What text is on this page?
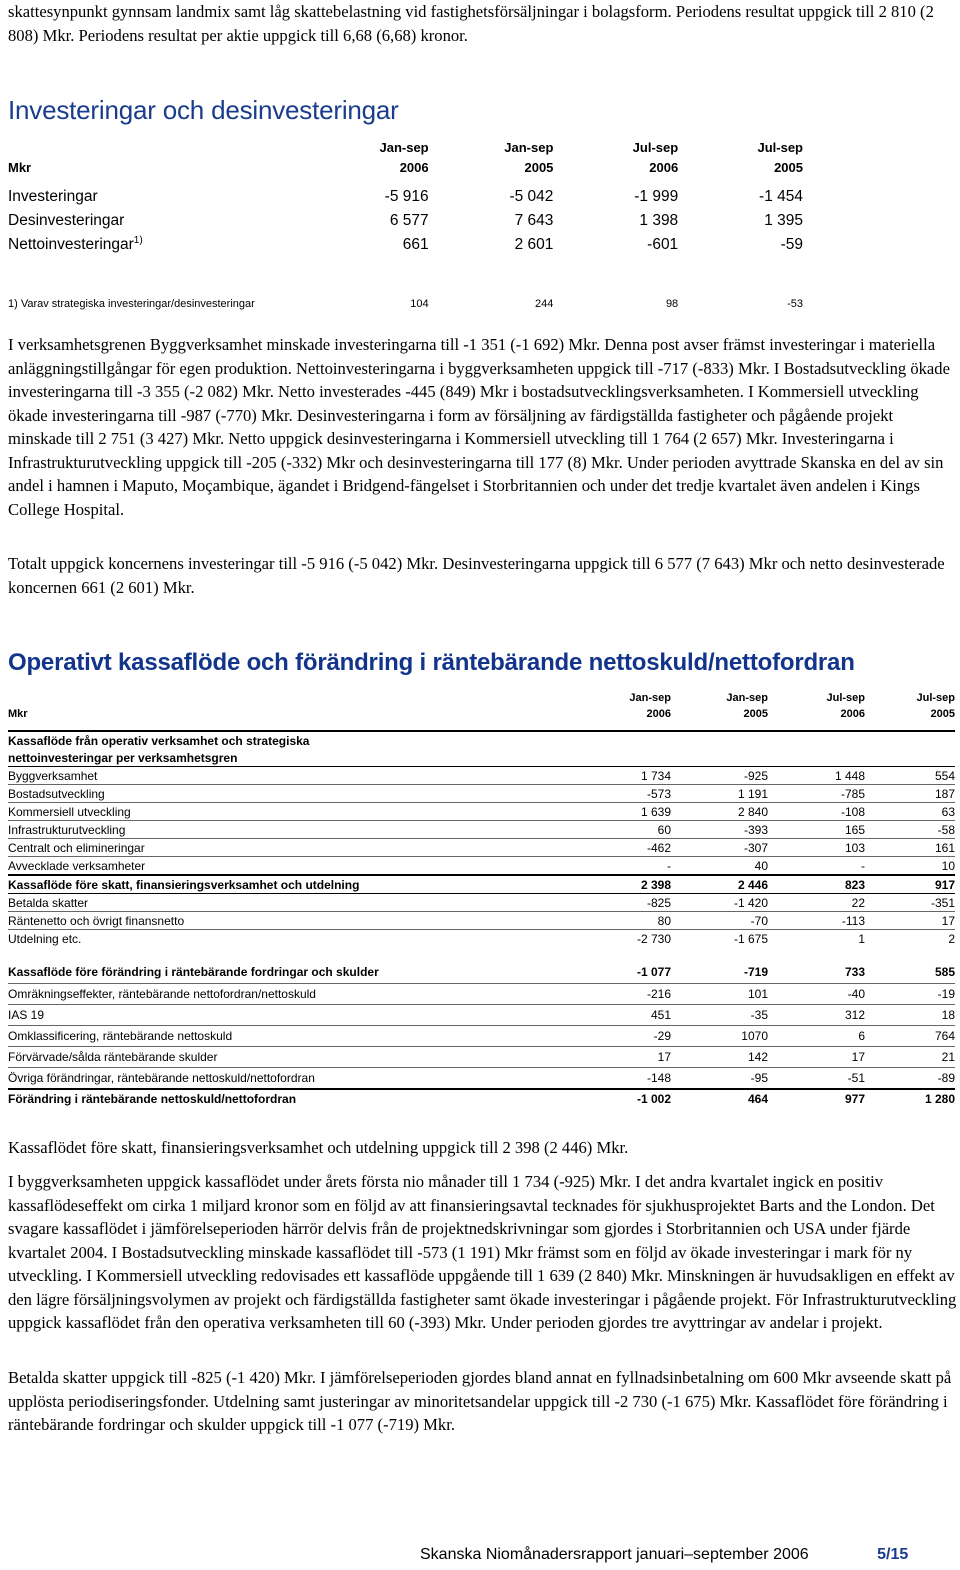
skattesynpunkt gynnsam landmix samt låg skattebelastning vid fastighetsförsäljningar i bolagsform. Periodens resultat uppgick till 2 810 (2 808) Mkr. Periodens resultat per aktie uppgick till 6,68 (6,68) kronor.

Investeringar och desinvesteringar
	Jan-sep	Jan-sep	Jul-sep	Jul-sep
Mkr	2006	2005	2006	2005

Investeringar	-5 916	-5 042	-1 999	-1 454
Desinvesteringar	6 577	7 643	1 398	1 395
Nettoinvesteringar$^{1)}$	661	2 601	-601	-59

1) Varav strategiska investeringar/desinvesteringar	104	244	98	-53

I verksamhetsgrenen Byggverksamhet minskade investeringarna till -1 351 (-1 692) Mkr. Denna post avser främst investeringar i materiella anläggningstillgångar för egen produktion. Nettoinvesteringarna i byggverksamheten uppgick till -717 (-833) Mkr. I Bostadsutveckling ökade investeringarna till -3 355 (-2 082) Mkr. Netto investerades -445 (849) Mkr i bostadsutvecklingsverksamheten. I Kommersiell utveckling ökade investeringarna till -987 (-770) Mkr. Desinvesteringarna i form av försäljning av färdigställda fastigheter och pågående projekt minskade till 2 751 (3 427) Mkr. Netto uppgick desinvesteringarna i Kommersiell utveckling till 1 764 (2 657) Mkr. Investeringarna i Infrastrukturutveckling uppgick till -205 (-332) Mkr och desinvesteringarna till 177 (8) Mkr. Under perioden avyttrade Skanska en del av sin andel i hamnen i Maputo, Moçambique, ägandet i Bridgend-fängelset i Storbritannien och under det tredje kvartalet även andelen i Kings College Hospital.

Totalt uppgick koncernens investeringar till -5 916 (-5 042) Mkr. Desinvesteringarna uppgick till 6 577 (7 643) Mkr och netto desinvesterade koncernen 661 (2 601) Mkr.

Operativt kassaflöde och förändring i räntebärande nettoskuld/nettofordran
	Jan-sep	Jan-sep	Jul-sep	Jul-sep
Mkr	2006	2005	2006	2005

Kassaflöde från operativ verksamhet och strategiska				
nettoinvesteringar per verksamhetsgren				
Byggverksamhet	1 734	-925	1 448	554
Bostadsutveckling	-573	1 191	-785	187
Kommersiell utveckling	1 639	2 840	-108	63
Infrastrukturutveckling	60	-393	165	-58
Centralt och elimineringar	-462	-307	103	161
Avvecklade verksamheter	-	40	-	10
Kassaflöde före skatt, finansieringsverksamhet och utdelning	2 398	2 446	823	917
Betalda skatter	-825	-1 420	22	-351
Räntenetto och övrigt finansnetto	80	-70	-113	17
Utdelning etc.	-2 730	-1 675	1	2

Kassaflöde före förändring i räntebärande fordringar och skulder	-1 077	-719	733	585
Omräkningseffekter, räntebärande nettofordran/nettoskuld	-216	101	-40	-19
IAS 19	451	-35	312	18
Omklassificering, räntebärande nettoskuld	-29	1070	6	764
Förvärvade/sålda räntebärande skulder	17	142	17	21
Övriga förändringar, räntebärande nettoskuld/nettofordran	-148	-95	-51	-89
Förändring i räntebärande nettoskuld/nettofordran	-1 002	464	977	1 280

Kassaflödet före skatt, finansieringsverksamhet och utdelning uppgick till 2 398 (2 446) Mkr.

I byggverksamheten uppgick kassaflödet under årets första nio månader till 1 734 (-925) Mkr. I det andra kvartalet ingick en positiv kassaflödeseffekt om cirka 1 miljard kronor som en följd av att finansieringsavtal tecknades för sjukhusprojektet Barts and the London. Det svagare kassaflödet i jämförelseperioden härrör delvis från de projektnedskrivningar som gjordes i Storbritannien och USA under fjärde kvartalet 2004. I Bostadsutveckling minskade kassaflödet till -573 (1 191) Mkr främst som en följd av ökade investeringar i mark för ny utveckling. I Kommersiell utveckling redovisades ett kassaflöde uppgående till 1 639 (2 840) Mkr. Minskningen är huvudsakligen en effekt av den lägre försäljningsvolymen av projekt och färdigställda fastigheter samt ökade investeringar i pågående projekt. För Infrastrukturutveckling uppgick kassaflödet från den operativa verksamheten till 60 (-393) Mkr. Under perioden gjordes tre avyttringar av andelar i projekt.

Betalda skatter uppgick till -825 (-1 420) Mkr. I jämförelseperioden gjordes bland annat en fyllnadsinbetalning om 600 Mkr avseende skatt på upplösta periodiseringsfonder. Utdelning samt justeringar av minoritetsandelar uppgick till -2 730 (-1 675) Mkr. Kassaflödet före förändring i räntebärande fordringar och skulder uppgick till -1 077 (-719) Mkr.

Skanska Niomånadersrapport januari–september 2006	5/15
